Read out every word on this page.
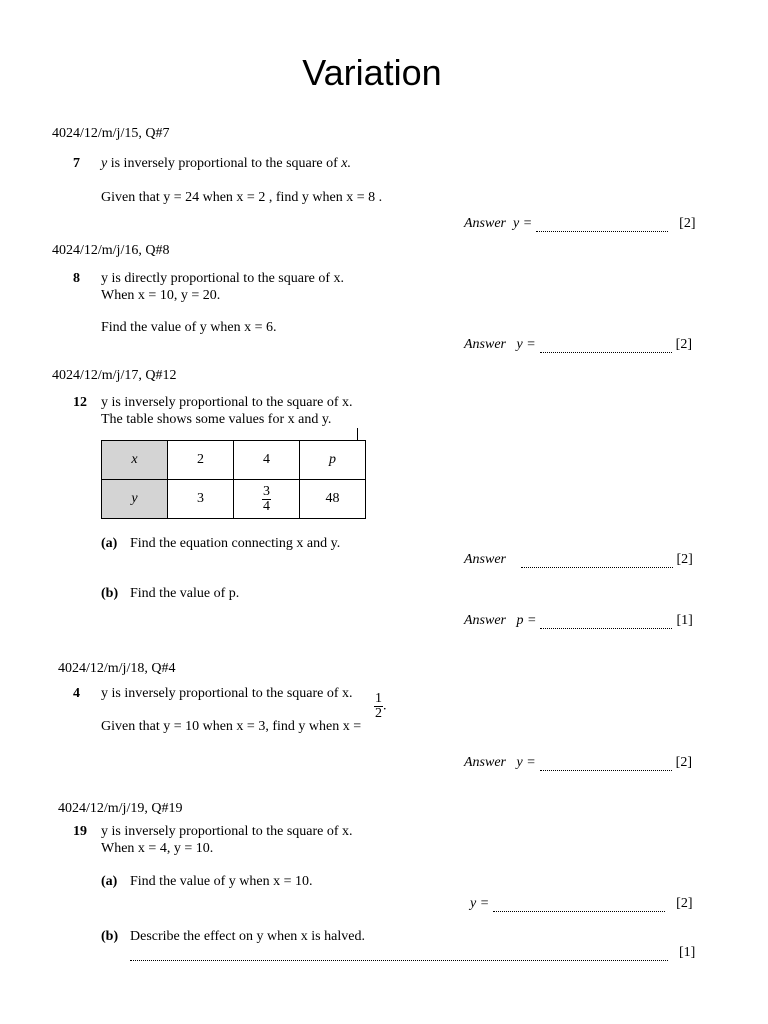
Variation
4024/12/m/j/15, Q#7
7 y is inversely proportional to the square of x.
Given that y = 24 when x = 2 , find y when x = 8 .
Answer y =	[2]
4024/12/m/j/16, Q#8
8 y is directly proportional to the square of x.
When x = 10, y = 20.
Find the value of y when x = 6.
Answer y =	[2]
4024/12/m/j/17, Q#12
12 y is inversely proportional to the square of x.
The table shows some values for x and y.
x	2	4	p
y	3	$\frac{3}{4}$	48
(a) Find the equation connecting x and y.
Answer	[2]
(b) Find the value of p.
Answer p =	[1]
4024/12/m/j/18, Q#4
4 y is inversely proportional to the square of x.
Given that y = 10 when x = 3, find y when x =
$\frac{1}{2}$ .
Answer y =	[2]
4024/12/m/j/19, Q#19
19 y is inversely proportional to the square of x.
When x = 4, y = 10.
(a) Find the value of y when x = 10.
y =	[2]
(b) Describe the effect on y when x is halved.
[1]
